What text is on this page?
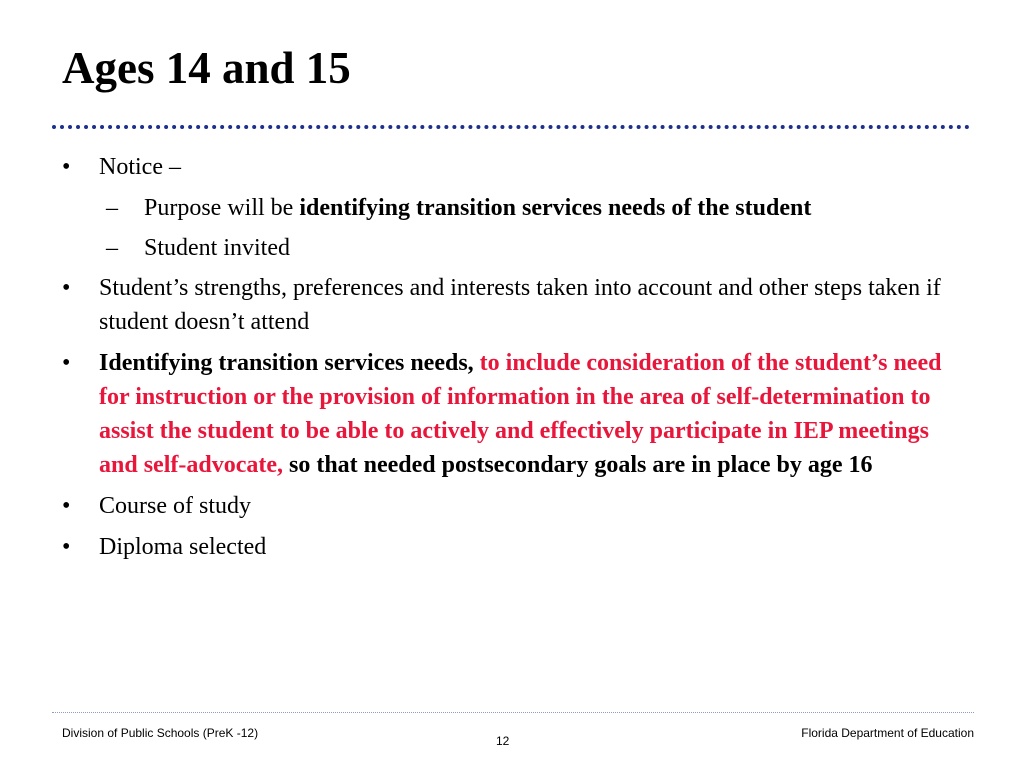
Ages 14 and 15
• Notice –
– Purpose will be identifying transition services needs of the student
– Student invited
• Student’s strengths, preferences and interests taken into account and other steps taken if student doesn’t attend
• Identifying transition services needs, to include consideration of the student’s need for instruction or the provision of information in the area of self-determination to assist the student to be able to actively and effectively participate in IEP meetings and self-advocate, so that needed postsecondary goals are in place by age 16
• Course of study
• Diploma selected
Division of Public Schools (PreK -12)
12
Florida Department of Education
